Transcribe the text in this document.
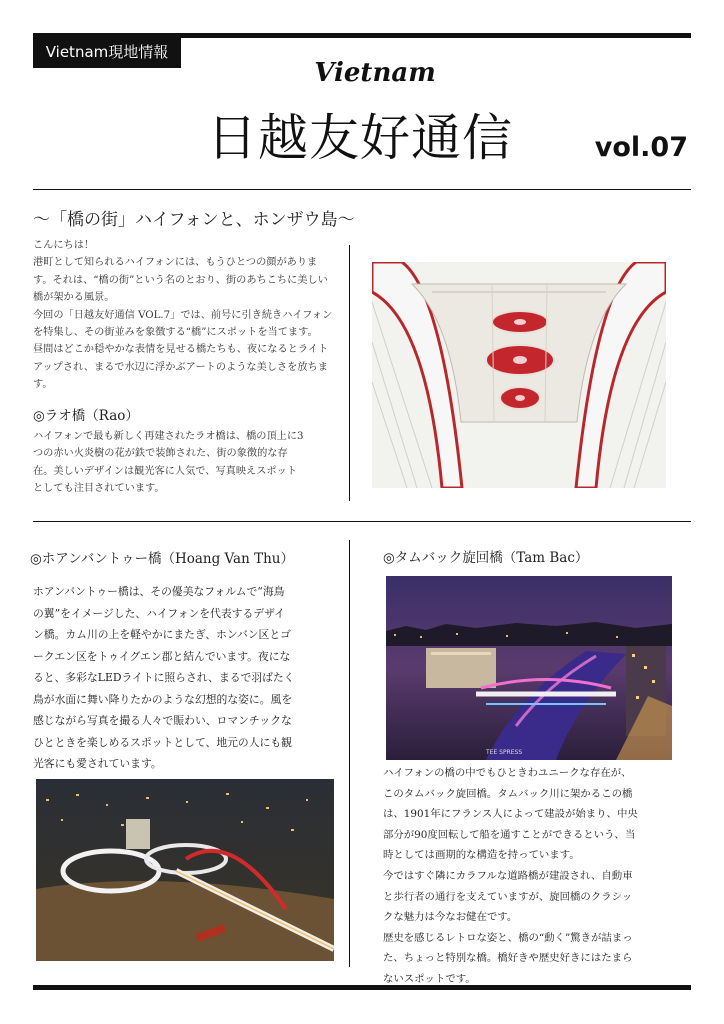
Vietnam現地情報
Vietnam
日越友好通信	vol.07
〜「橋の街」ハイフォンと、ホンザウ島〜
こんにちは！
港町として知られるハイフォンには、もうひとつの顔がありま
す。それは、“橋の街”という名のとおり、街のあちこちに美しい
橋が架かる風景。
今回の「日越友好通信 VOL.7」では、前号に引き続きハイフォン
を特集し、その街並みを象徴する“橋”にスポットを当てます。
昼間はどこか穏やかな表情を見せる橋たちも、夜になるとライト
アップされ、まるで水辺に浮かぶアートのような美しさを放ちま
す。
◎ラオ橋（Rao）
ハイフォンで最も新しく再建されたラオ橋は、橋の頂上に3
つの赤い火炎樹の花が鉄で装飾された、街の象徴的な存
在。美しいデザインは観光客に人気で、写真映えスポット
としても注目されています。
◎ホアンバントゥー橋（Hoang Van Thu）
ホアンバントゥー橋は、その優美なフォルムで“海鳥
の翼”をイメージした、ハイフォンを代表するデザイ
ン橋。カム川の上を軽やかにまたぎ、ホンバン区とゴ
ークエン区をトゥイグエン郡と結んでいます。夜にな
ると、多彩なLEDライトに照らされ、まるで羽ばたく
鳥が水面に舞い降りたかのような幻想的な姿に。風を
感じながら写真を撮る人々で賑わい、ロマンチックな
ひとときを楽しめるスポットとして、地元の人にも観
光客にも愛されています。
◎タムバック旋回橋（Tam Bac）
TEE SPRESS
ハイフォンの橋の中でもひときわユニークな存在が、
このタムバック旋回橋。タムバック川に架かるこの橋
は、1901年にフランス人によって建設が始まり、中央
部分が90度回転して船を通すことができるという、当
時としては画期的な構造を持っています。
今ではすぐ隣にカラフルな道路橋が建設され、自動車
と歩行者の通行を支えていますが、旋回橋のクラシッ
クな魅力は今なお健在です。
歴史を感じるレトロな姿と、橋の“動く”驚きが詰まっ
た、ちょっと特別な橋。橋好きや歴史好きにはたまら
ないスポットです。
